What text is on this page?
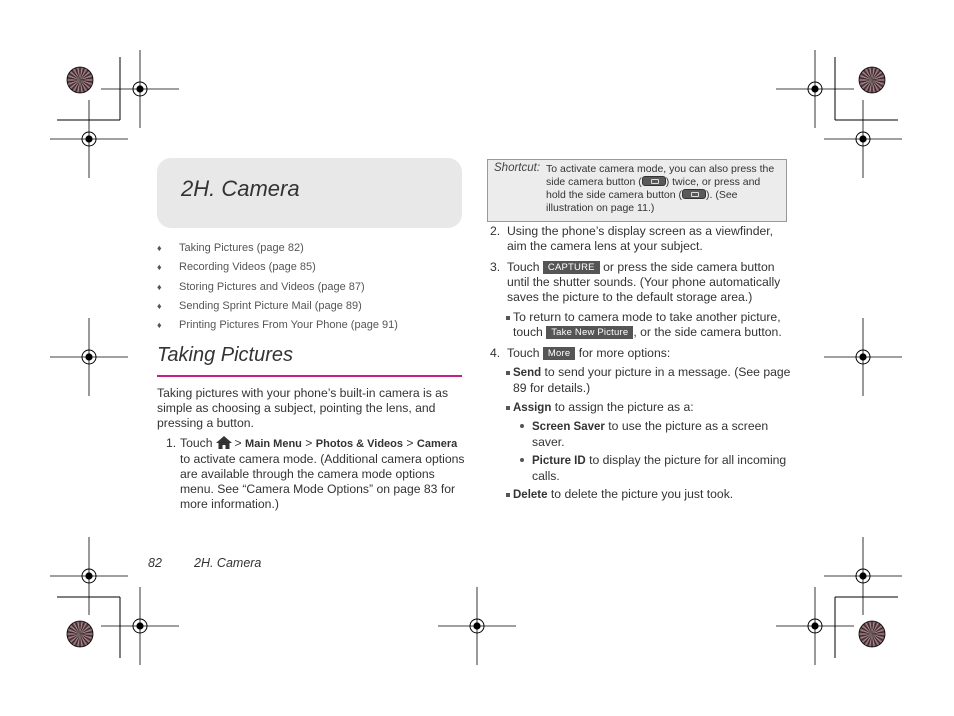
2H. Camera
♦ Taking Pictures (page 82)
♦ Recording Videos (page 85)
♦ Storing Pictures and Videos (page 87)
♦ Sending Sprint Picture Mail (page 89)
♦ Printing Pictures From Your Phone (page 91)
Taking Pictures
Taking pictures with your phone’s built-in camera is as simple as choosing a subject, pointing the lens, and pressing a button.
1. Touch > Main Menu > Photos & Videos > Camera to activate camera mode. (Additional camera options are available through the camera mode options menu. See “Camera Mode Options” on page 83 for more information.)
Shortcut: To activate camera mode, you can also press the side camera button ( ) twice, or press and hold the side camera button ( ). (See illustration on page 11.)
2. Using the phone’s display screen as a viewfinder, aim the camera lens at your subject.
3. Touch CAPTURE or press the side camera button until the shutter sounds. (Your phone automatically saves the picture to the default storage area.)
To return to camera mode to take another picture, touch Take New Picture , or the side camera button.
4. Touch More for more options:
Send to send your picture in a message. (See page 89 for details.)
Assign to assign the picture as a:
Screen Saver to use the picture as a screen saver.
Picture ID to display the picture for all incoming calls.
Delete to delete the picture you just took.
82	2H. Camera
